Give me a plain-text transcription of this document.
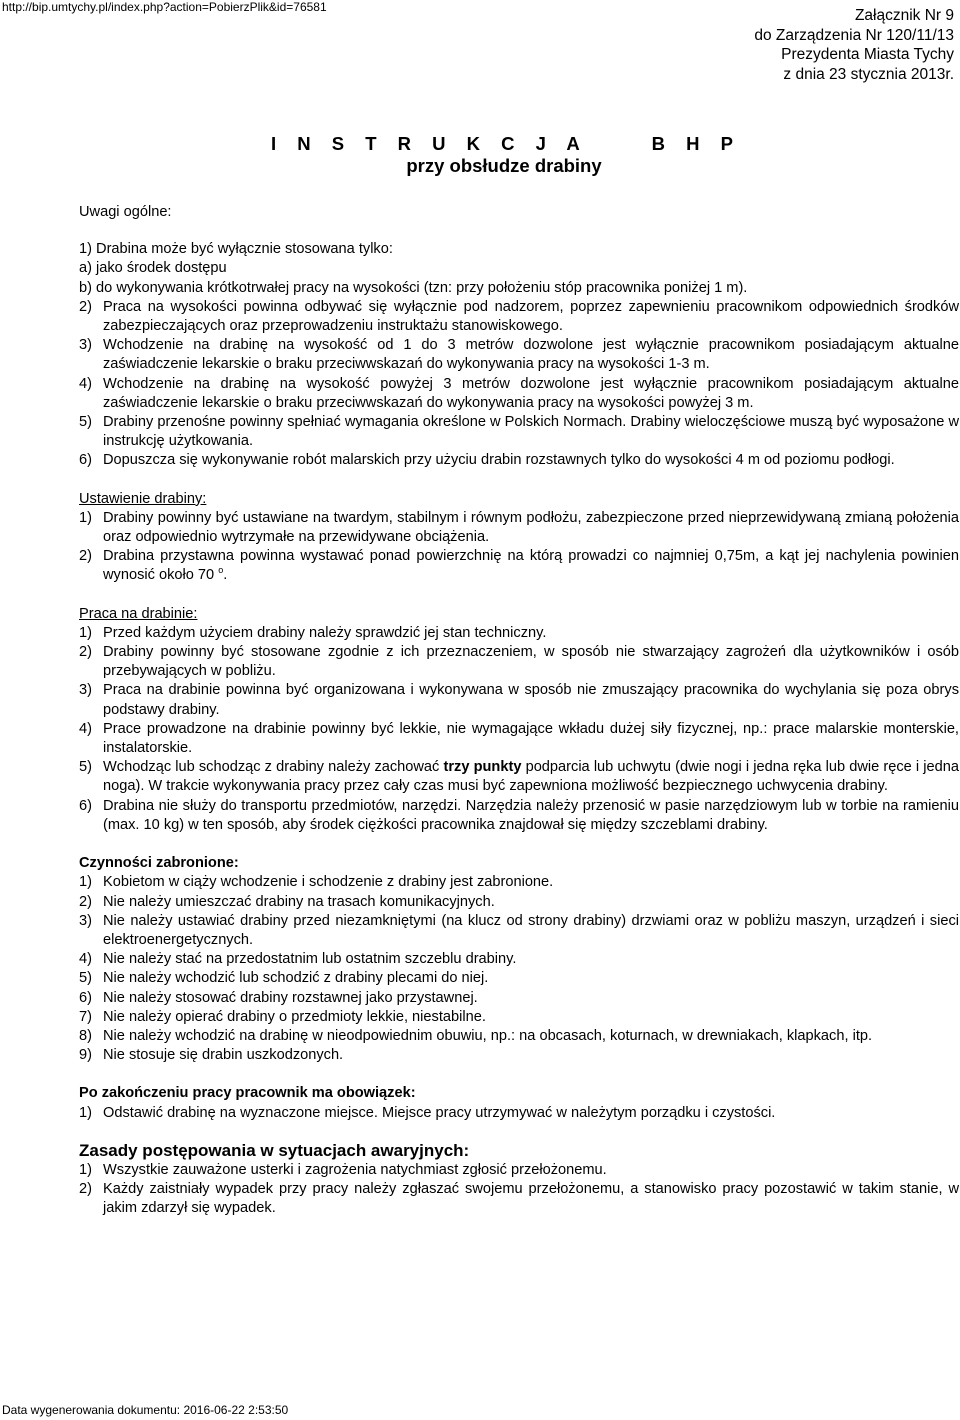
http://bip.umtychy.pl/index.php?action=PobierzPlik&id=76581	Załącznik Nr 9
do Zarządzenia Nr 120/11/13
Prezydenta Miasta Tychy
z dnia 23 stycznia 2013r.
I N S T R U K C J A    B H P
przy obsłudze drabiny
Uwagi ogólne:
1) Drabina może być wyłącznie stosowana tylko:
a) jako środek dostępu
b) do wykonywania krótkotrwałej pracy na wysokości (tzn: przy położeniu stóp pracownika poniżej 1 m).
2) Praca na wysokości powinna odbywać się wyłącznie pod nadzorem, poprzez zapewnieniu pracownikom odpowiednich środków zabezpieczających oraz przeprowadzeniu instruktażu stanowiskowego.
3) Wchodzenie na drabinę na wysokość od 1 do 3 metrów dozwolone jest wyłącznie pracownikom posiadającym aktualne zaświadczenie lekarskie o braku przeciwwskazań do wykonywania pracy na wysokości 1-3 m.
4) Wchodzenie na drabinę na wysokość powyżej 3 metrów dozwolone jest wyłącznie pracownikom posiadającym aktualne zaświadczenie lekarskie o braku przeciwwskazań do wykonywania pracy na wysokości powyżej 3 m.
5) Drabiny przenośne powinny spełniać wymagania określone w Polskich Normach. Drabiny wieloczęściowe muszą być wyposażone w instrukcję użytkowania.
6) Dopuszcza się wykonywanie robót malarskich przy użyciu drabin rozstawnych tylko do wysokości 4 m od poziomu podłogi.
Ustawienie drabiny:
1) Drabiny powinny być ustawiane na twardym, stabilnym i równym podłożu, zabezpieczone przed nieprzewidywaną zmianą położenia oraz odpowiednio wytrzymałe na przewidywane obciążenia.
2) Drabina przystawna powinna wystawać ponad powierzchnię na którą prowadzi co najmniej 0,75m, a kąt jej nachylenia powinien wynosić około 70 $^o$.
Praca na drabinie:
1) Przed każdym użyciem drabiny należy sprawdzić jej stan techniczny.
2) Drabiny powinny być stosowane zgodnie z ich przeznaczeniem, w sposób nie stwarzający zagrożeń dla użytkowników i osób przebywających w pobliżu.
3) Praca na drabinie powinna być organizowana i wykonywana w sposób nie zmuszający pracownika do wychylania się poza obrys podstawy drabiny.
4) Prace prowadzone na drabinie powinny być lekkie, nie wymagające wkładu dużej siły fizycznej, np.: prace malarskie monterskie, instalatorskie.
5) Wchodząc lub schodząc z drabiny należy zachować trzy punkty podparcia lub uchwytu (dwie nogi i jedna ręka lub dwie ręce i jedna noga). W trakcie wykonywania pracy przez cały czas musi być zapewniona możliwość bezpiecznego uchwycenia drabiny.
6) Drabina nie służy do transportu przedmiotów, narzędzi. Narzędzia należy przenosić w pasie narzędziowym lub w torbie na ramieniu (max. 10 kg) w ten sposób, aby środek ciężkości pracownika znajdował się między szczeblami drabiny.
Czynności zabronione:
1) Kobietom w ciąży wchodzenie i schodzenie z drabiny jest zabronione.
2) Nie należy umieszczać drabiny na trasach komunikacyjnych.
3) Nie należy ustawiać drabiny przed niezamkniętymi (na klucz od strony drabiny) drzwiami oraz w pobliżu maszyn, urządzeń i sieci elektroenergetycznych.
4) Nie należy stać na przedostatnim lub ostatnim szczeblu drabiny.
5) Nie należy wchodzić lub schodzić z drabiny plecami do niej.
6) Nie należy stosować drabiny rozstawnej jako przystawnej.
7) Nie należy opierać drabiny o przedmioty lekkie, niestabilne.
8) Nie należy wchodzić na drabinę w nieodpowiednim obuwiu, np.: na obcasach, koturnach, w drewniakach, klapkach, itp.
9) Nie stosuje się drabin uszkodzonych.
Po zakończeniu pracy pracownik ma obowiązek:
1) Odstawić drabinę na wyznaczone miejsce. Miejsce pracy utrzymywać w należytym porządku i czystości.
Zasady postępowania w sytuacjach awaryjnych:
1) Wszystkie zauważone usterki i zagrożenia natychmiast zgłosić przełożonemu.
2) Każdy zaistniały wypadek przy pracy należy zgłaszać swojemu przełożonemu, a stanowisko pracy pozostawić w takim stanie, w jakim zdarzył się wypadek.
Data wygenerowania dokumentu: 2016-06-22 2:53:50
